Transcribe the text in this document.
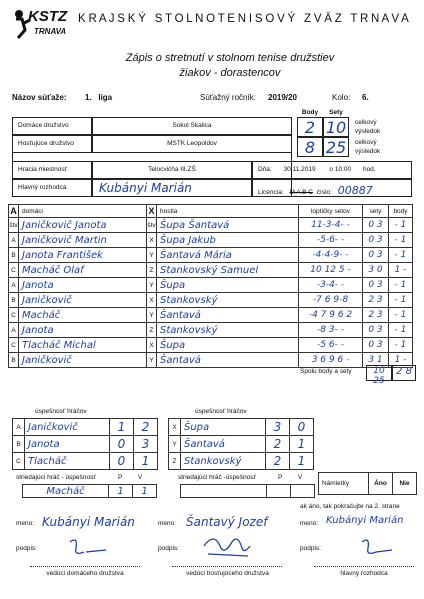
KSTZ
TRNAVA
K R A J S K Ý   S T O L N O T E N I S O V Ý   Z V Ä Z   T R N A V A
Zápis o stretnutí v stolnom tenise družstiev
žiakov - dorastencov
Názov súťaže: 1.   liga	Súťažný ročník: 2019/20	Kolo: 6.
Domáce družstvo	Sokol Skalica
Hosťujúce družstvo	MSTK Leopoldov
Hracia miestnosť	Telocvičňa III.ZŠ	Dňa: 30.11.2019 o 10:00 hod.
Hlavný rozhodca	Kubányi Marián	Licencia: M A B C číslo: 00887
Body	Sety
2 10
8 25
celkový
výsledok
celkový
výsledok
A	domáci	X	hostia	loptičky setov	sety	body
štv	Janičkovič Janota	štv	Šupa Šantavá	11-3-4- -	0 3	- 1
A	Janičkovič Martin	X	Šupa Jakub	-5-6- -	0 3	- 1
B	Janota František	Y	Šantavá Mária	-4-4-9- -	0 3	- 1
C	Macháč Olaf	Z	Stankovský Samuel	10 12 5 -	3 0	1 -
A	Janota	Y	Šupa	-3-4- -	0 3	- 1
B	Janičkovič	X	Stankovský	-7 6 9-8	2 3	- 1
C	Macháč	Y	Šantavá	-4 7 9 6 2	2 3	- 1
A	Janota	Z	Stankovský	-8 3- -	0 3	- 1
C	Tlacháč Michal	X	Šupa	-5 6- -	0 3	- 1
B	Janičkovič	Y	Šantavá	3 6 9 6 -	3 1	1 -
Spolu body a sety	10 25
2 8
úspešnosť hráčov	úspešnosť hráčov
A	Janičkovič	1	2
B	Janota	0	3
C	Tlacháč	0	1
X	Šupa	3	0
Y	Šantavá	2	1
Z	Stankovský	2	1
striedajúci hráč - úspešnosť	P V	striedajúci hráč -úspešnosť	P V
Macháč	1	1

Námietky	Áno	Nie
ak áno, tak pokračujte na 2. strane
meno: Kubányi Marián	meno: Šantavý Jozef	meno: Kubányi Marián
podpis:	podpis:	podpis:
vedúci domáceho družstva	vedúci hosťujúceho družstva	hlavný rozhodca
